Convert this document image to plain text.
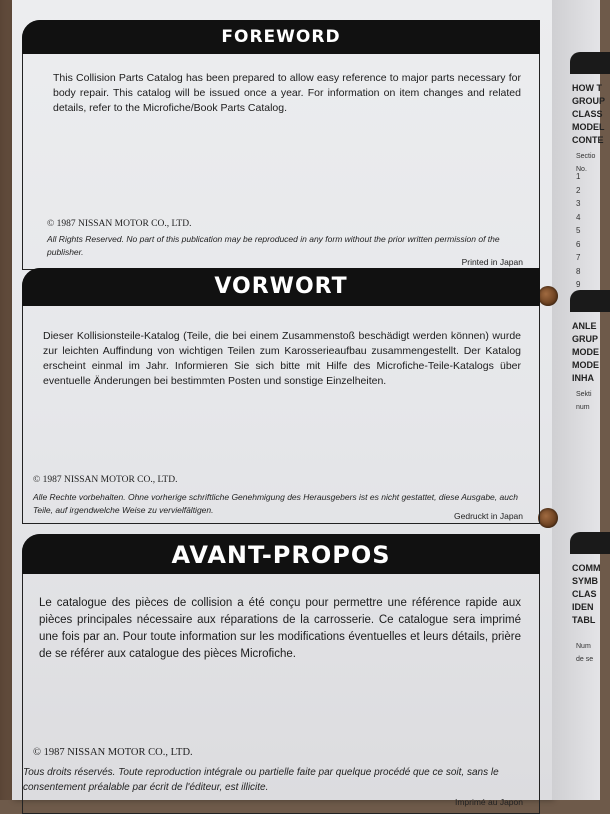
HOW T
GROUP
CLASS
MODEL
CONTE
Sectio
No.
1
2
3
4
5
6
7
8
9
ANLE
GRUP
MODE
MODE
INHA
Sekti
num
COMM
SYMB
CLAS
IDEN
TABL
Num
de se
FOREWORD
This Collision Parts Catalog has been prepared to allow easy reference to major parts necessary for body repair. This catalog will be issued once a year. For information on item changes and related details, refer to the Microfiche/Book Parts Catalog.
© 1987 NISSAN MOTOR CO., LTD.
All Rights Reserved. No part of this publication may be reproduced in any form without the prior written permission of the publisher.
Printed in Japan
VORWORT
Dieser Kollisionsteile-Katalog (Teile, die bei einem Zusammenstoß beschädigt werden können) wurde zur leichten Auffindung von wichtigen Teilen zum Karosserieaufbau zusammengestellt. Der Katalog erscheint einmal im Jahr. Informieren Sie sich bitte mit Hilfe des Microfiche-Teile-Katalogs über eventuelle Änderungen bei bestimmten Posten und sonstige Einzelheiten.
© 1987 NISSAN MOTOR CO., LTD.
Alle Rechte vorbehalten. Ohne vorherige schriftliche Genehmigung des Herausgebers ist es nicht gestattet, diese Ausgabe, auch Teile, auf irgendwelche Weise zu vervielfältigen.
Gedruckt in Japan
AVANT-PROPOS
Le catalogue des pièces de collision a été conçu pour permettre une référence rapide aux pièces principales nécessaire aux réparations de la carrosserie. Ce catalogue sera imprimé une fois par an. Pour toute information sur les modifications éventuelles et leurs détails, prière de se référer aux catalogue des pièces Microfiche.
© 1987 NISSAN MOTOR CO., LTD.
Tous droits réservés. Toute reproduction intégrale ou partielle faite par quelque procédé que ce soit, sans le consentement préalable par écrit de l'éditeur, est illicite.
Imprimé au Japon
